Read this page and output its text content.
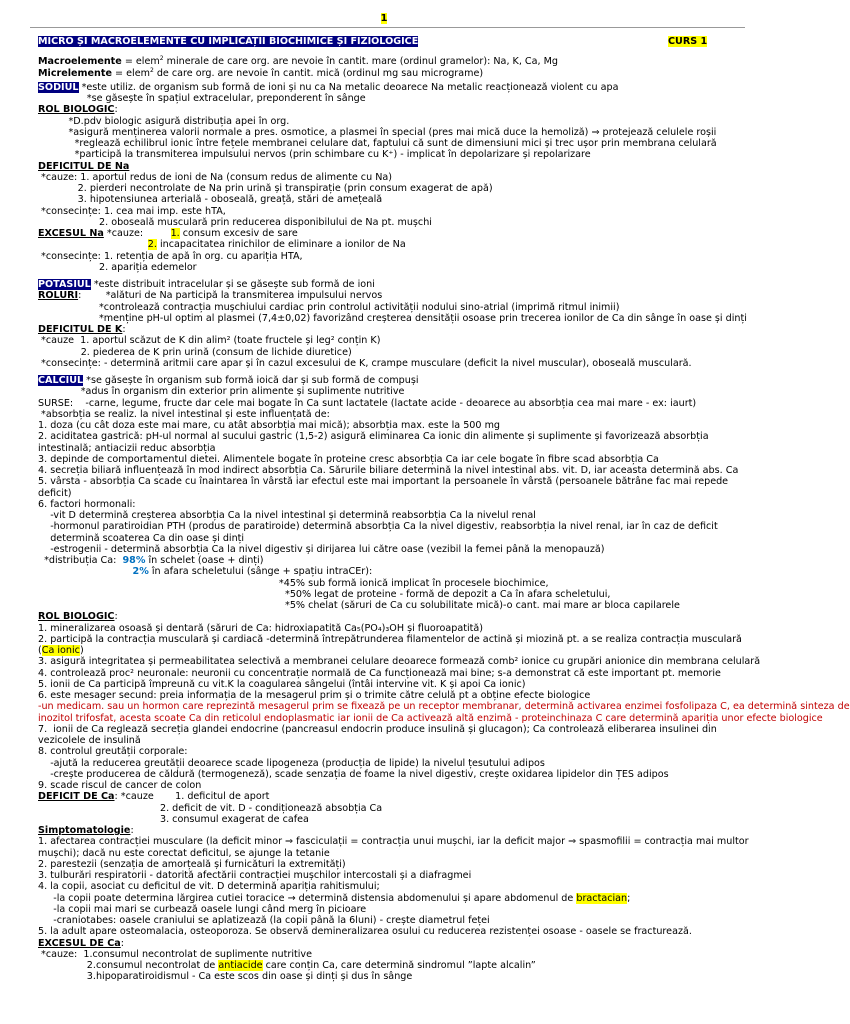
1
MICRO ȘI MACROELEMENTE CU IMPLICAȚII BIOCHIMICE ȘI FIZIOLOGICE	CURS 1
Macroelemente = elem$^2$ minerale de care org. are nevoie în cantit. mare (ordinul gramelor): Na, K, Ca, Mg
Micrelemente = elem$^2$ de care org. are nevoie în cantit. mică (ordinul mg sau micrograme)
SODIUL *este utiliz. de organism sub formă de ioni și nu ca Na metalic deoarece Na metalic reacționează violent cu apa
*se găsește în spațiul extracelular, preponderent în sânge
ROL BIOLOGIC:
*D.pdv biologic asigură distribuția apei în org.
*asigură menținerea valorii normale a pres. osmotice, a plasmei în special (pres mai mică duce la hemoliză) ⇒ protejează celulele roșii
*reglează echilibrul ionic între fețele membranei celulare dat, faptului că sunt de dimensiuni mici și trec ușor prin membrana celulară
*participă la transmiterea impulsului nervos (prin schimbare cu K⁺) - implicat în depolarizare și repolarizare
DEFICITUL DE Na
*cauze: 1. aportul redus de ioni de Na (consum redus de alimente cu Na)
2. pierderi necontrolate de Na prin urină și transpirație (prin consum exagerat de apă)
3. hipotensiunea arterială - oboseală, greață, stări de amețeală
*consecințe: 1. cea mai imp. este hTA,
2. oboseală musculară prin reducerea disponibilului de Na pt. mușchi
EXCESUL Na *cauze:         1. consum excesiv de sare
2. incapacitatea rinichilor de eliminare a ionilor de Na
*consecințe: 1. retenția de apă în org. cu apariția HTA,
2. apariția edemelor
POTASIUL *este distribuit intracelular și se găsește sub formă de ioni
ROLURI:        *alături de Na participă la transmiterea impulsului nervos
*controlează contracția mușchiului cardiac prin controlul activității nodului sino-atrial (imprimă ritmul inimii)
*menține pH-ul optim al plasmei (7,4±0,02) favorizând creșterea densității osoase prin trecerea ionilor de Ca din sânge în oase și dinți
DEFICITUL DE K:
*cauze  1. aportul scăzut de K din alim² (toate fructele și leg² conțin K)
2. piederea de K prin urină (consum de lichide diuretice)
*consecințe: - determină aritmii care apar și în cazul excesului de K, crampe musculare (deficit la nivel muscular), oboseală musculară.
CALCIUL *se găsește în organism sub formă ioică dar și sub formă de compuși
*adus în organism din exterior prin alimente și suplimente nutritive
SURSE:    -carne, legume, fructe dar cele mai bogate în Ca sunt lactatele (lactate acide - deoarece au absorbția cea mai mare - ex: iaurt)
*absorbția se realiz. la nivel intestinal și este influențată de:
1. doza (cu cât doza este mai mare, cu atât absorbția mai mică); absorbția max. este la 500 mg
2. aciditatea gastrică: pH-ul normal al sucului gastric (1,5-2) asigură eliminarea Ca ionic din alimente și suplimente și favorizează absorbția
intestinală; antiacizii reduc absorbția
3. depinde de comportamentul dietei. Alimentele bogate în proteine cresc absorbția Ca iar cele bogate în fibre scad absorbția Ca
4. secreția biliară influențează în mod indirect absorbția Ca. Sărurile biliare determină la nivel intestinal abs. vit. D, iar aceasta determină abs. Ca
5. vârsta - absorbția Ca scade cu înaintarea în vârstă iar efectul este mai important la persoanele în vârstă (persoanele bătrâne fac mai repede
deficit)
6. factori hormonali:
-vit D determină creșterea absorbția Ca la nivel intestinal și determină reabsorbția Ca la nivelul renal
-hormonul paratiroidian PTH (produs de paratiroide) determină absorbția Ca la nivel digestiv, reabsorbția la nivel renal, iar în caz de deficit
determină scoaterea Ca din oase și dinți
-estrogenii - determină absorbția Ca la nivel digestiv și dirijarea lui către oase (vezibil la femei până la menopauză)
*distribuția Ca:  98% în schelet (oase + dinți)
2% în afara scheletului (sânge + spațiu intraCEr):
*45% sub formă ionică implicat în procesele biochimice,
*50% legat de proteine - formă de depozit a Ca în afara scheletului,
*5% chelat (săruri de Ca cu solubilitate mică)-o cant. mai mare ar bloca capilarele
ROL BIOLOGIC:
1. mineralizarea osoasă și dentară (săruri de Ca: hidroxiapatită Ca₅(PO₄)₃OH și fluoroapatită)
2. participă la contracția musculară și cardiacă -determină întrepătrunderea filamentelor de actină și miozină pt. a se realiza contracția musculară
(Ca ionic)
3. asigură integritatea și permeabilitatea selectivă a membranei celulare deoarece formează comb² ionice cu grupări anionice din membrana celulară
4. controlează proc² neuronale: neuronii cu concentrație normală de Ca funcționează mai bine; s-a demonstrat că este important pt. memorie
5. ionii de Ca participă împreună cu vit.K la coagularea sângelui (întâi intervine vit. K și apoi Ca ionic)
6. este mesager secund: preia informația de la mesagerul prim și o trimite către celulă pt a obține efecte biologice
-un medicam. sau un hormon care reprezintă mesagerul prim se fixează pe un receptor membranar, determină activarea enzimei fosfolipaza C, ea determină sinteza de
inozitol trifosfat, acesta scoate Ca din reticolul endoplasmatic iar ionii de Ca activează altă enzimă - proteinchinaza C care determină apariția unor efecte biologice
7.  ionii de Ca reglează secreția glandei endocrine (pancreasul endocrin produce insulină și glucagon); Ca controlează eliberarea insulinei din
vezicolele de insulină
8. controlul greutății corporale:
-ajută la reducerea greutății deoarece scade lipogeneza (producția de lipide) la nivelul țesutului adipos
-crește producerea de căldură (termogeneză), scade senzația de foame la nivel digestiv, crește oxidarea lipidelor din ȚES adipos
9. scade riscul de cancer de colon
DEFICIT DE Ca: *cauze       1. deficitul de aport
2. deficit de vit. D - condiționează absobția Ca
3. consumul exagerat de cafea
Simptomatologie:
1. afectarea contracției musculare (la deficit minor ⇒ fasciculații = contracția unui mușchi, iar la deficit major ⇒ spasmofilii = contracția mai multor
mușchi); dacă nu este corectat deficitul, se ajunge la tetanie
2. parestezii (senzația de amorțeală și furnicături la extremități)
3. tulburări respiratorii - datorită afectării contracției mușchilor intercostali și a diafragmei
4. la copii, asociat cu deficitul de vit. D determină apariția rahitismului;
-la copii poate determina lărgirea cutiei toracice → determină distensia abdomenului și apare abdomenul de bractacian;
-la copii mai mari se curbează oasele lungi când merg în picioare
-craniotabes: oasele craniului se aplatizează (la copii până la 6luni) - crește diametrul feței
5. la adult apare osteomalacia, osteoporoza. Se observă demineralizarea osului cu reducerea rezistenței osoase - oasele se fracturează.
EXCESUL DE Ca:
*cauze:  1.consumul necontrolat de suplimente nutritive
2.consumul necontrolat de antiacide care conțin Ca, care determină sindromul ”lapte alcalin”
3.hipoparatiroidismul - Ca este scos din oase și dinți și dus în sânge
